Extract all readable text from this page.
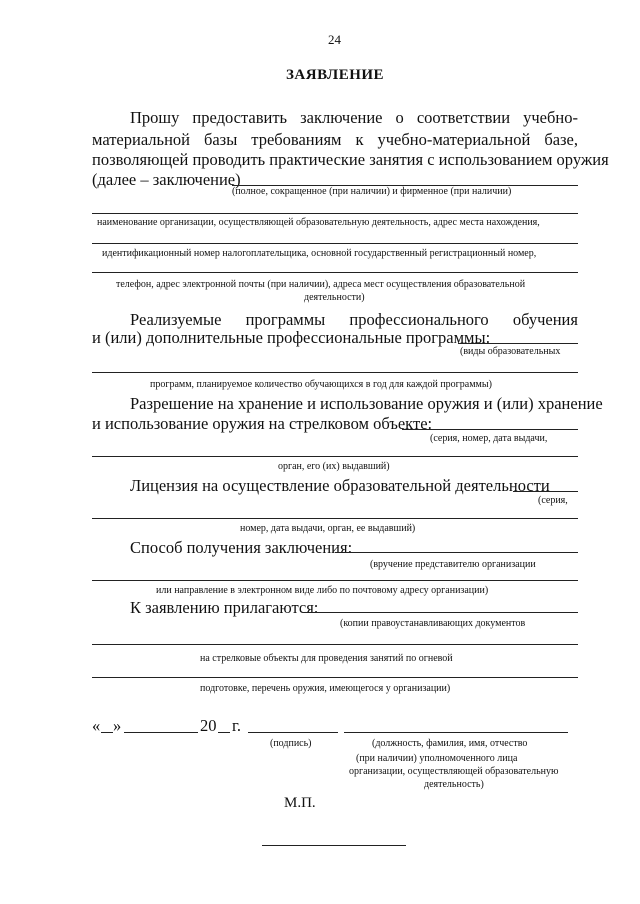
24
ЗАЯВЛЕНИЕ
Прошу предоставить заключение о соответствии учебно-
материальной базы требованиям к учебно-материальной базе,
позволяющей проводить практические занятия с использованием оружия
(далее – заключение)
(полное, сокращенное (при наличии) и фирменное (при наличии)
наименование организации, осуществляющей образовательную деятельность, адрес места нахождения,
идентификационный номер налогоплательщика, основной государственный регистрационный номер,
телефон, адрес электронной почты (при наличии), адреса мест осуществления образовательной
деятельности)
Реализуемые программы профессионального обучения
и (или) дополнительные профессиональные программы:
(виды образовательных
программ, планируемое количество обучающихся в год для каждой программы)
Разрешение на хранение и использование оружия и (или) хранение
и использование оружия на стрелковом объекте:
(серия, номер, дата выдачи,
орган, его (их) выдавший)
Лицензия на осуществление образовательной деятельности
(серия,
номер, дата выдачи, орган, ее выдавший)
Способ получения заключения:
(вручение представителю организации
или направление в электронном виде либо по почтовому адресу организации)
К заявлению прилагаются:
(копии правоустанавливающих документов
на стрелковые объекты для проведения занятий по огневой
подготовке, перечень оружия, имеющегося у организации)
« »	20 г.
(подпись)	(должность, фамилия, имя, отчество
(при наличии) уполномоченного лица
организации, осуществляющей образовательную
деятельность)
М.П.
